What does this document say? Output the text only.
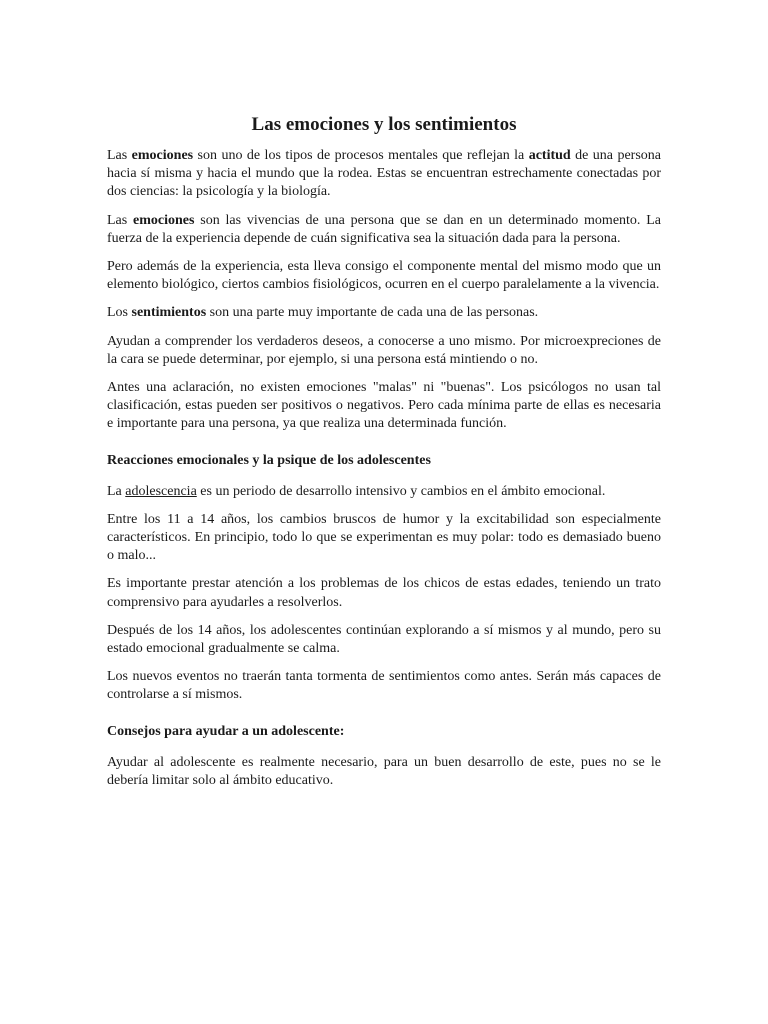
Las emociones y los sentimientos

Las emociones son uno de los tipos de procesos mentales que reflejan la actitud de una persona hacia sí misma y hacia el mundo que la rodea. Estas se encuentran estrechamente conectadas por dos ciencias: la psicología y la biología.

Las emociones son las vivencias de una persona que se dan en un determinado momento. La fuerza de la experiencia depende de cuán significativa sea la situación dada para la persona.

Pero además de la experiencia, esta lleva consigo el componente mental del mismo modo que un elemento biológico, ciertos cambios fisiológicos, ocurren en el cuerpo paralelamente a la vivencia.

Los sentimientos son una parte muy importante de cada una de las personas.

Ayudan a comprender los verdaderos deseos, a conocerse a uno mismo. Por microexpreciones de la cara se puede determinar, por ejemplo, si una persona está mintiendo o no.

Antes una aclaración, no existen emociones "malas" ni "buenas". Los psicólogos no usan tal clasificación, estas pueden ser positivos o negativos. Pero cada mínima parte de ellas es necesaria e importante para una persona, ya que realiza una determinada función.

Reacciones emocionales y la psique de los adolescentes

La adolescencia es un periodo de desarrollo intensivo y cambios en el ámbito emocional.

Entre los 11 a 14 años, los cambios bruscos de humor y la excitabilidad son especialmente característicos. En principio, todo lo que se experimentan es muy polar: todo es demasiado bueno o malo...

Es importante prestar atención a los problemas de los chicos de estas edades, teniendo un trato comprensivo para ayudarles a resolverlos.

Después de los 14 años, los adolescentes continúan explorando a sí mismos y al mundo, pero su estado emocional gradualmente se calma.

Los nuevos eventos no traerán tanta tormenta de sentimientos como antes. Serán más capaces de controlarse a sí mismos.

Consejos para ayudar a un adolescente:

Ayudar al adolescente es realmente necesario, para un buen desarrollo de este, pues no se le debería limitar solo al ámbito educativo.
